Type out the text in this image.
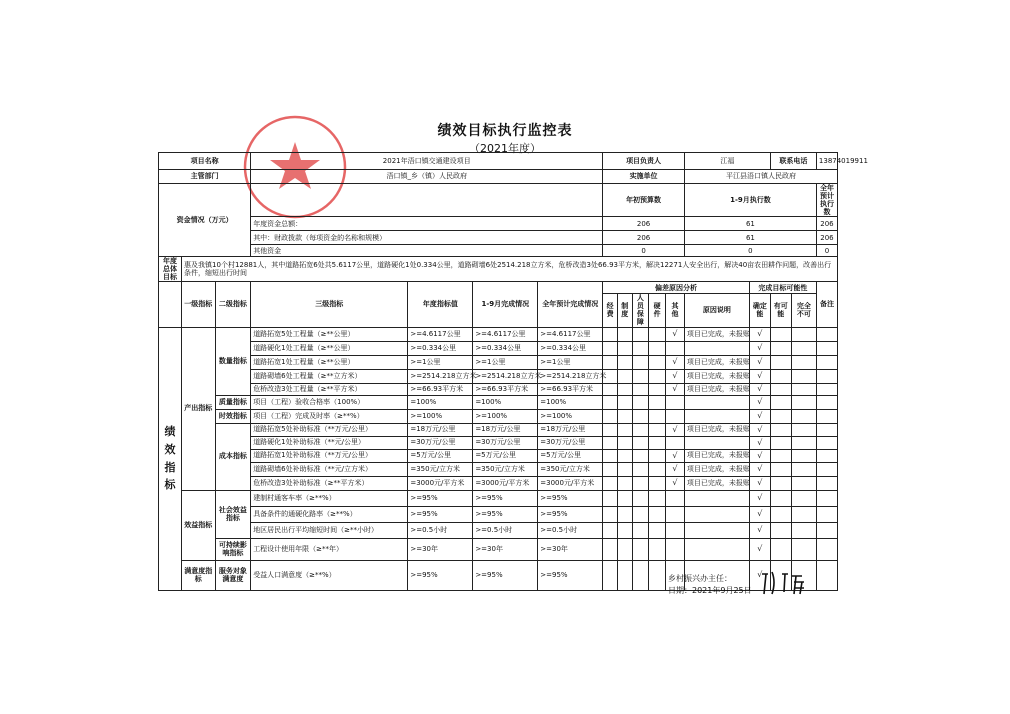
绩效目标执行监控表
（2021年度）
项目名称			2021年浯口镇交通建设项目				项目负责人					江福		联系电话		13874019911
主管部门			浯口镇_乡（镇）人民政府				实施单位					平江县浯口镇人民政府				
资金情况（万元）							年初预算数					1-9月执行数				全年预计执行数
			年度资金总额：				206					61				206
			其中：财政拨款（每项资金的名称和规模）				206					61				206
			其他资金				0					0				0
年度总体目标	惠及我镇10个村12881人，其中道路拓宽6处共5.6117公里，道路硬化1处0.334公里，道路砌墙6处2514.218立方米，危桥改造3处66.93平方米，解决12271人安全出行，解决40亩农田耕作问题，改善出行条件，缩短出行时间															
	一级指标	二级指标	三级指标	年度指标值	1-9月完成情况	全年预计完成情况	偏差原因分析						完成目标可能性			备注
							经费	制度	人员保障	硬件	其他	原因说明	确定能	有可能	完全不可	
绩效指标	产出指标	数量指标	道路拓宽5处工程量（≥**公里）	>=4.6117公里	>=4.6117公里	>=4.6117公里					√	项目已完成，未报账	√			
			道路硬化1处工程量（≥**公里）	>=0.334公里	>=0.334公里	>=0.334公里							√			
			道路拓宽1处工程量（≥**公里）	>=1公里	>=1公里	>=1公里					√	项目已完成，未报账	√			
			道路砌墙6处工程量（≥**立方米）	>=2514.218立方米	>=2514.218立方米	>=2514.218立方米					√	项目已完成，未报账	√			
			危桥改造3处工程量（≥**平方米）	>=66.93平方米	>=66.93平方米	>=66.93平方米					√	项目已完成，未报账	√			
		质量指标	项目（工程）验收合格率（100%）	=100%	=100%	=100%							√			
		时效指标	项目（工程）完成及时率（≥**%）	>=100%	>=100%	>=100%							√			
		成本指标	道路拓宽5处补助标准（**万元/公里）	=18万元/公里	=18万元/公里	=18万元/公里					√	项目已完成，未报账	√			
			道路硬化1处补助标准（**元/公里）	=30万元/公里	=30万元/公里	=30万元/公里							√			
			道路拓宽1处补助标准（**万元/公里）	=5万元/公里	=5万元/公里	=5万元/公里					√	项目已完成，未报账	√			
			道路砌墙6处补助标准（**元/立方米）	=350元/立方米	=350元/立方米	=350元/立方米					√	项目已完成，未报账	√			
			危桥改造3处补助标准（≥**平方米）	=3000元/平方米	=3000元/平方米	=3000元/平方米					√	项目已完成，未报账	√			
	效益指标	社会效益指标	建制村通客车率（≥**%）	>=95%	>=95%	>=95%							√			
			具备条件的通硬化路率（≥**%）	>=95%	>=95%	>=95%							√			
			地区居民出行平均缩短时间（≥**小时）	>=0.5小时	>=0.5小时	>=0.5小时							√			
		可持续影响指标	工程设计使用年限（≥**年）	>=30年	>=30年	>=30年							√			
	满意度指标	服务对象满意度	受益人口满意度（≥**%）	>=95%	>=95%	>=95%							√			
乡村振兴办主任：
日期：2021年9月25日
